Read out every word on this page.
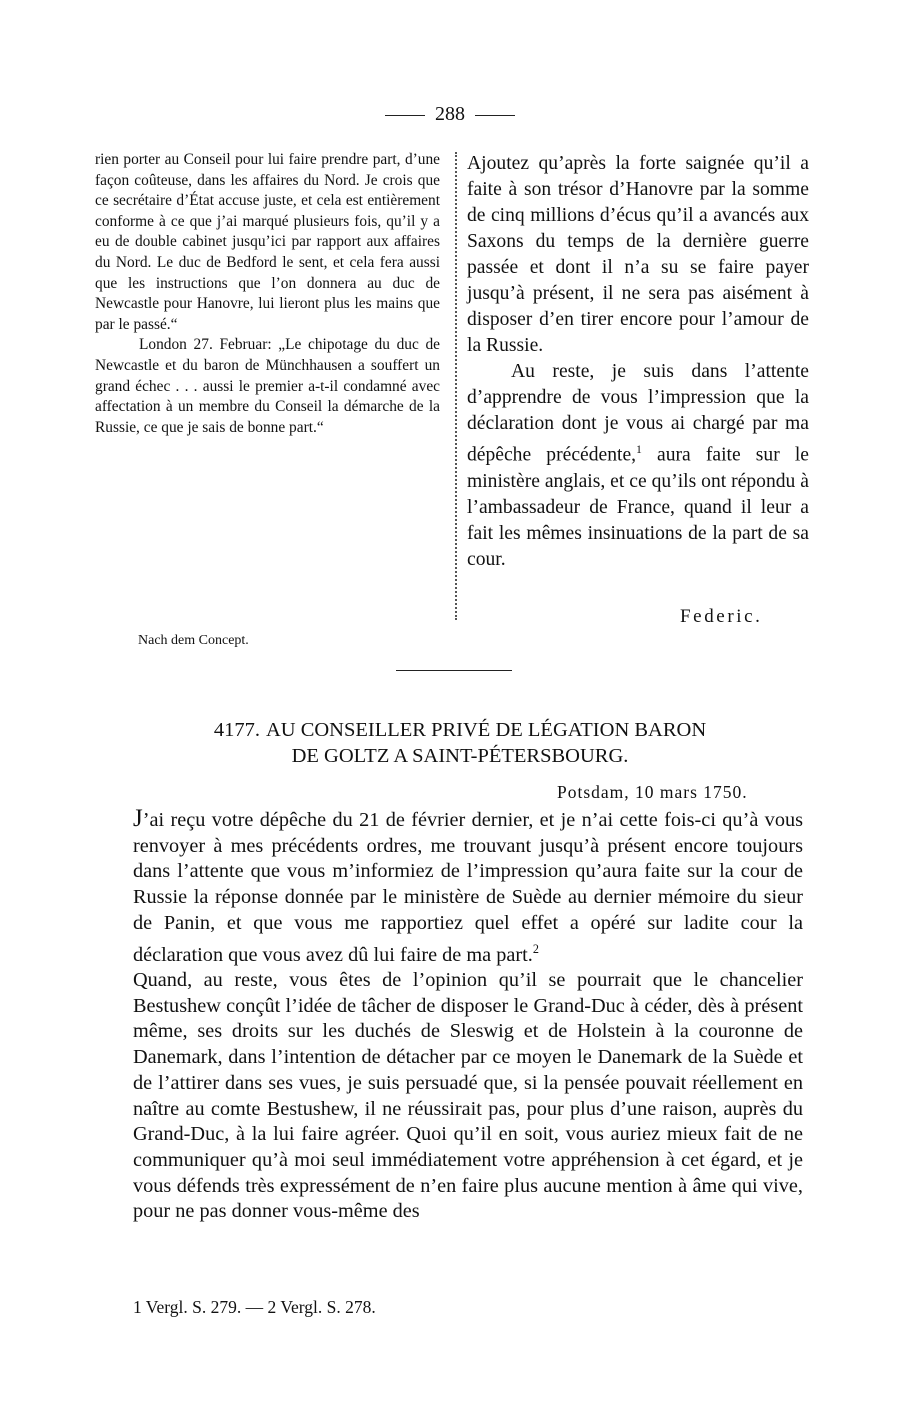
288

rien porter au Conseil pour lui faire prendre part, d’une façon coûteuse, dans les affaires du Nord. Je crois que ce secrétaire d’État accuse juste, et cela est entièrement conforme à ce que j’ai marqué plusieurs fois, qu’il y a eu de double cabinet jusqu’ici par rapport aux affaires du Nord. Le duc de Bedford le sent, et cela fera aussi que les instructions que l’on donnera au duc de Newcastle pour Hanovre, lui lieront plus les mains que par le passé.“

London 27. Februar: „Le chipotage du duc de Newcastle et du baron de Münchhausen a souffert un grand échec . . . aussi le premier a-t-il condamné avec affectation à un membre du Conseil la démarche de la Russie, ce que je sais de bonne part.“

Ajoutez qu’après la forte saignée qu’il a faite à son trésor d’Hanovre par la somme de cinq millions d’écus qu’il a avancés aux Saxons du temps de la dernière guerre passée et dont il n’a su se faire payer jusqu’à présent, il ne sera pas aisément à disposer d’en tirer encore pour l’amour de la Russie.

Au reste, je suis dans l’attente d’apprendre de vous l’impression que la déclaration dont je vous ai chargé par ma dépêche précédente,$^1$ aura faite sur le ministère anglais, et ce qu’ils ont répondu à l’ambassadeur de France, quand il leur a fait les mêmes insinuations de la part de sa cour.

Federic.
Nach dem Concept.
4177. AU CONSEILLER PRIVÉ DE LÉGATION BARON
DE GOLTZ A SAINT-PÉTERSBOURG.
Potsdam, 10 mars 1750.

J’ai reçu votre dépêche du 21 de février dernier, et je n’ai cette fois-ci qu’à vous renvoyer à mes précédents ordres, me trouvant jusqu’à présent encore toujours dans l’attente que vous m’informiez de l’impression qu’aura faite sur la cour de Russie la réponse donnée par le ministère de Suède au dernier mémoire du sieur de Panin, et que vous me rapportiez quel effet a opéré sur ladite cour la déclaration que vous avez dû lui faire de ma part.$^2$

Quand, au reste, vous êtes de l’opinion qu’il se pourrait que le chancelier Bestushew conçût l’idée de tâcher de disposer le Grand-Duc à céder, dès à présent même, ses droits sur les duchés de Sleswig et de Holstein à la couronne de Danemark, dans l’intention de détacher par ce moyen le Danemark de la Suède et de l’attirer dans ses vues, je suis persuadé que, si la pensée pouvait réellement en naître au comte Bestushew, il ne réussirait pas, pour plus d’une raison, auprès du Grand-Duc, à la lui faire agréer. Quoi qu’il en soit, vous auriez mieux fait de ne communiquer qu’à moi seul immédiatement votre appréhension à cet égard, et je vous défends très expressément de n’en faire plus aucune mention à âme qui vive, pour ne pas donner vous-même des

1 Vergl. S. 279. — 2 Vergl. S. 278.
